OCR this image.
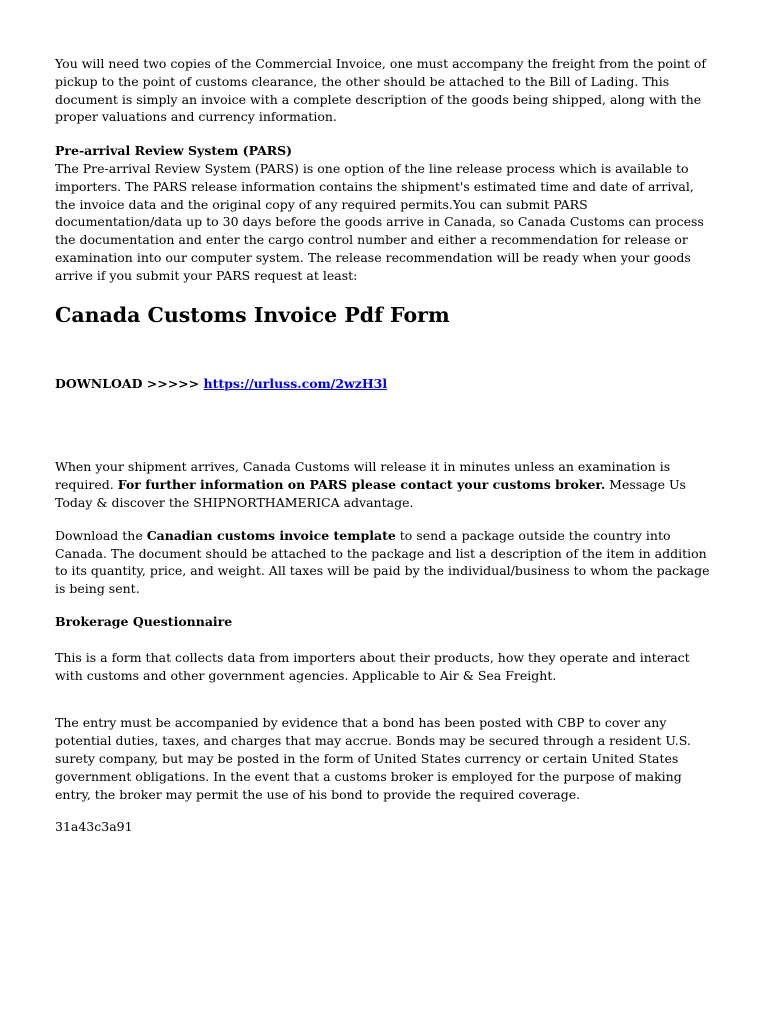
You will need two copies of the Commercial Invoice, one must accompany the freight from the point of pickup to the point of customs clearance, the other should be attached to the Bill of Lading. This document is simply an invoice with a complete description of the goods being shipped, along with the proper valuations and currency information.

Pre-arrival Review System (PARS)

The Pre-arrival Review System (PARS) is one option of the line release process which is available to importers. The PARS release information contains the shipment's estimated time and date of arrival, the invoice data and the original copy of any required permits.You can submit PARS documentation/data up to 30 days before the goods arrive in Canada, so Canada Customs can process the documentation and enter the cargo control number and either a recommendation for release or examination into our computer system. The release recommendation will be ready when your goods arrive if you submit your PARS request at least:

Canada Customs Invoice Pdf Form

DOWNLOAD >>>>> https://urluss.com/2wzH3l

When your shipment arrives, Canada Customs will release it in minutes unless an examination is required. For further information on PARS please contact your customs broker. Message Us Today & discover the SHIPNORTHAMERICA advantage.

Download the Canadian customs invoice template to send a package outside the country into Canada. The document should be attached to the package and list a description of the item in addition to its quantity, price, and weight. All taxes will be paid by the individual/business to whom the package is being sent.

Brokerage Questionnaire

This is a form that collects data from importers about their products, how they operate and interact with customs and other government agencies. Applicable to Air & Sea Freight.

The entry must be accompanied by evidence that a bond has been posted with CBP to cover any potential duties, taxes, and charges that may accrue. Bonds may be secured through a resident U.S. surety company, but may be posted in the form of United States currency or certain United States government obligations. In the event that a customs broker is employed for the purpose of making entry, the broker may permit the use of his bond to provide the required coverage.

31a43c3a91
